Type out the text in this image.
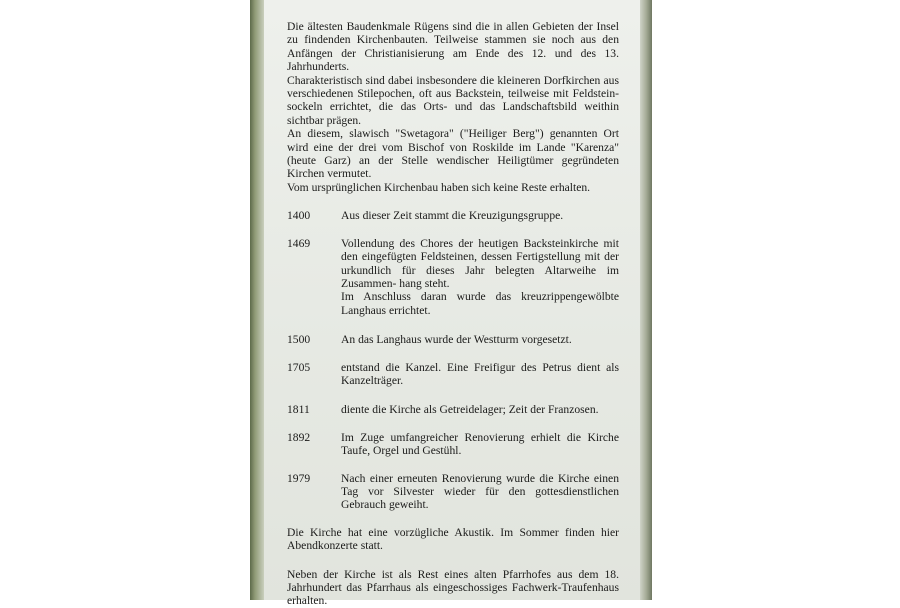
Die ältesten Baudenkmale Rügens sind die in allen Gebieten der Insel zu findenden Kirchenbauten. Teilweise stammen sie noch aus den Anfängen der Christianisierung am Ende des 12. und des 13. Jahrhunderts.

Charakteristisch sind dabei insbesondere die kleineren Dorfkirchen aus verschiedenen Stilepochen, oft aus Backstein, teilweise mit Feldstein-sockeln errichtet, die das Orts- und das Landschaftsbild weithin sichtbar prägen.

An diesem, slawisch "Swetagora" ("Heiliger Berg") genannten Ort wird eine der drei vom Bischof von Roskilde im Lande "Karenza" (heute Garz) an der Stelle wendischer Heiligtümer gegründeten Kirchen vermutet.

Vom ursprünglichen Kirchenbau haben sich keine Reste erhalten.

1400	Aus dieser Zeit stammt die Kreuzigungsgruppe.
1469	Vollendung des Chores der heutigen Backsteinkirche mit den eingefügten Feldsteinen, dessen Fertigstellung mit der urkundlich für dieses Jahr belegten Altarweihe im Zusammen- hang steht.
Im Anschluss daran wurde das kreuzrippengewölbte Langhaus errichtet.
1500	An das Langhaus wurde der Westturm vorgesetzt.
1705	entstand die Kanzel. Eine Freifigur des Petrus dient als Kanzelträger.
1811	diente die Kirche als Getreidelager; Zeit der Franzosen.
1892	Im Zuge umfangreicher Renovierung erhielt die Kirche Taufe, Orgel und Gestühl.
1979	Nach einer erneuten Renovierung wurde die Kirche einen Tag vor Silvester wieder für den gottesdienstlichen Gebrauch geweiht.

Die Kirche hat eine vorzügliche Akustik. Im Sommer finden hier Abendkonzerte statt.

Neben der Kirche ist als Rest eines alten Pfarrhofes aus dem 18. Jahrhundert das Pfarrhaus als eingeschossiges Fachwerk-Traufenhaus erhalten.
